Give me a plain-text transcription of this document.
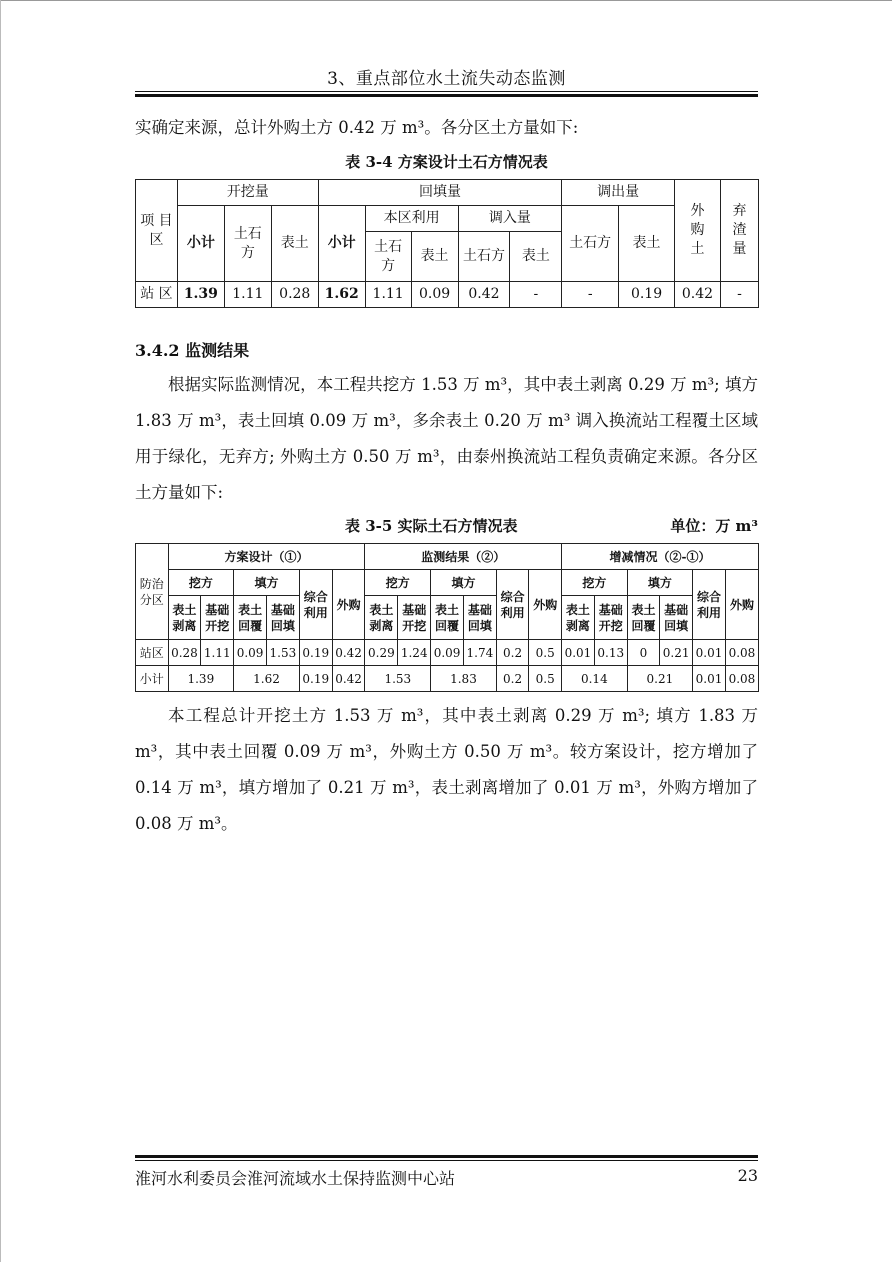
3、重点部位水土流失动态监测

实确定来源，总计外购土方 0.42 万 m³。各分区土方量如下:

表 3-4 方案设计土石方情况表
项 目 区	开挖量			回填量					调出量		外购土	弃渣量
	小计	土石方	表土	小计	本区利用		调入量		土石方	表土		
					土石方	表土	土石方	表土				
站 区	1.39	1.11	0.28	1.62	1.11	0.09	0.42	-	-	0.19	0.42	-
3.4.2 监测结果

根据实际监测情况，本工程共挖方 1.53 万 m³，其中表土剥离 0.29 万 m³; 填方 1.83 万 m³，表土回填 0.09 万 m³，多余表土 0.20 万 m³ 调入换流站工程覆土区域用于绿化，无弃方; 外购土方 0.50 万 m³，由泰州换流站工程负责确定来源。各分区土方量如下:

表 3-5 实际土石方情况表	单位：万 m³
防治分区	方案设计（①）						监测结果（②）						增减情况（②-①）					
	挖方		填方		综合利用	外购	挖方		填方		综合利用	外购	挖方		填方		综合利用	外购
	表土剥离	基础开挖	表土回覆	基础回填			表土剥离	基础开挖	表土回覆	基础回填			表土剥离	基础开挖	表土回覆	基础回填		
站区	0.28	1.11	0.09	1.53	0.19	0.42	0.29	1.24	0.09	1.74	0.2	0.5	0.01	0.13	0	0.21	0.01	0.08
小计	1.39		1.62		0.19	0.42	1.53		1.83		0.2	0.5	0.14		0.21		0.01	0.08

本工程总计开挖土方 1.53 万 m³，其中表土剥离 0.29 万 m³; 填方 1.83 万 m³，其中表土回覆 0.09 万 m³，外购土方 0.50 万 m³。较方案设计，挖方增加了 0.14 万 m³，填方增加了 0.21 万 m³，表土剥离增加了 0.01 万 m³，外购方增加了 0.08 万 m³。

淮河水利委员会淮河流域水土保持监测中心站	23
